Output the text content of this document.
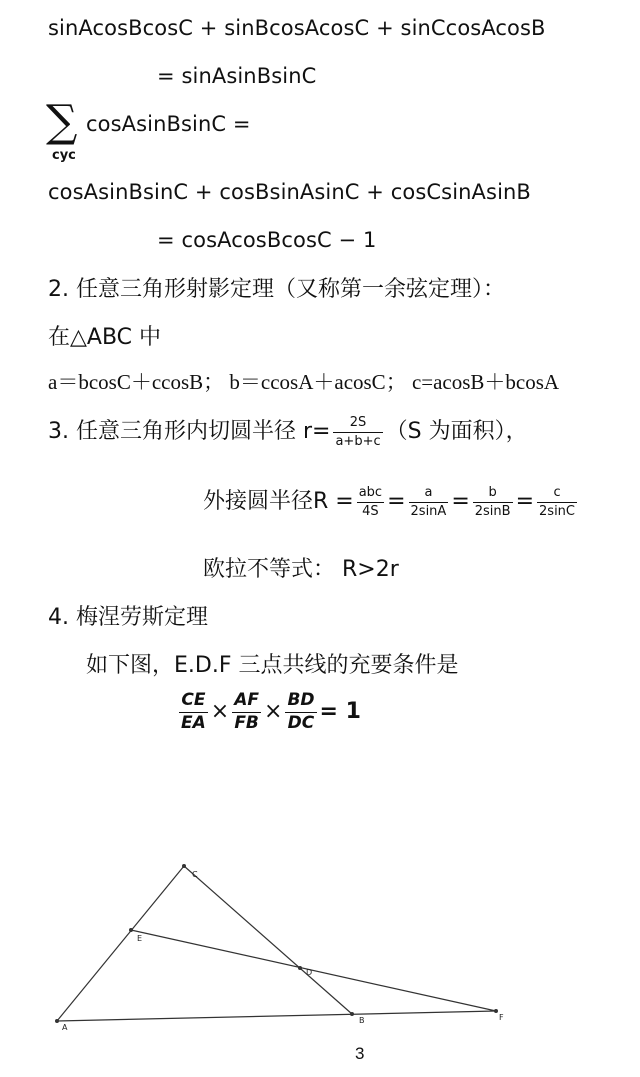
sinAcosBcosC + sinBcosAcosC + sinCcosAcosB
= sinAsinBsinC
∑
cyc
cosAsinBsinC =
cosAsinBsinC + cosBsinAsinC + cosCsinAsinB
= cosAcosBcosC − 1
2. 任意三角形射影定理（又称第一余弦定理）：
在△ABC 中
a＝bcosC＋ccosB； b＝ccosA＋acosC； c=acosB＋bcosA
3. 任意三角形内切圆半径 $r= \frac{2S}{a+b+c} (S$ 为面积），
外接圆半径$R = \frac{\text{abc}}{4S} = \frac{a}{2\sin A} = \frac{b}{2\sin B} = \frac{c}{2\sin C}$
欧拉不等式： R>2r
4. 梅涅劳斯定理
如下图，E.D.F 三点共线的充要条件是
$\frac{CE}{EA} \times \frac{AF}{FB} \times \frac{BD}{DC} = 1$
A
C
B	F
E
D
3
